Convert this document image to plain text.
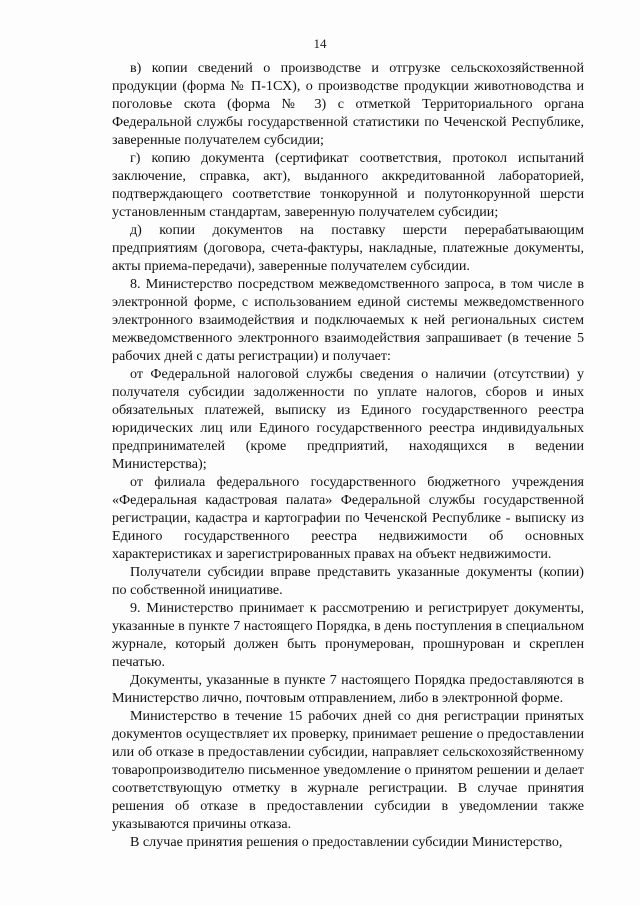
14

в) копии сведений о производстве и отгрузке сельскохозяйственной продукции (форма № П-1СХ), о производстве продукции животноводства и поголовье скота (форма № 3) с отметкой Территориального органа Федеральной службы государственной статистики по Чеченской Республике, заверенные получателем субсидии;

г) копию документа (сертификат соответствия, протокол испытаний заключение, справка, акт), выданного аккредитованной лабораторией, подтверждающего соответствие тонкорунной и полутонкорунной шерсти установленным стандартам, заверенную получателем субсидии;

д) копии документов на поставку шерсти перерабатывающим предприятиям (договора, счета-фактуры, накладные, платежные документы, акты приема-передачи), заверенные получателем субсидии.

8. Министерство посредством межведомственного запроса, в том числе в электронной форме, с использованием единой системы межведомственного электронного взаимодействия и подключаемых к ней региональных систем межведомственного электронного взаимодействия запрашивает (в течение 5 рабочих дней с даты регистрации) и получает:

от Федеральной налоговой службы сведения о наличии (отсутствии) у получателя субсидии задолженности по уплате налогов, сборов и иных обязательных платежей, выписку из Единого государственного реестра юридических лиц или Единого государственного реестра индивидуальных предпринимателей (кроме предприятий, находящихся в ведении Министерства);

от филиала федерального государственного бюджетного учреждения «Федеральная кадастровая палата» Федеральной службы государственной регистрации, кадастра и картографии по Чеченской Республике - выписку из Единого государственного реестра недвижимости об основных характеристиках и зарегистрированных правах на объект недвижимости.

Получатели субсидии вправе представить указанные документы (копии) по собственной инициативе.

9. Министерство принимает к рассмотрению и регистрирует документы, указанные в пункте 7 настоящего Порядка, в день поступления в специальном журнале, который должен быть пронумерован, прошнурован и скреплен печатью.

Документы, указанные в пункте 7 настоящего Порядка предоставляются в Министерство лично, почтовым отправлением, либо в электронной форме.

Министерство в течение 15 рабочих дней со дня регистрации принятых документов осуществляет их проверку, принимает решение о предоставлении или об отказе в предоставлении субсидии, направляет сельскохозяйственному товаропроизводителю письменное уведомление о принятом решении и делает соответствующую отметку в журнале регистрации. В случае принятия решения об отказе в предоставлении субсидии в уведомлении также указываются причины отказа.

В случае принятия решения о предоставлении субсидии Министерство,
